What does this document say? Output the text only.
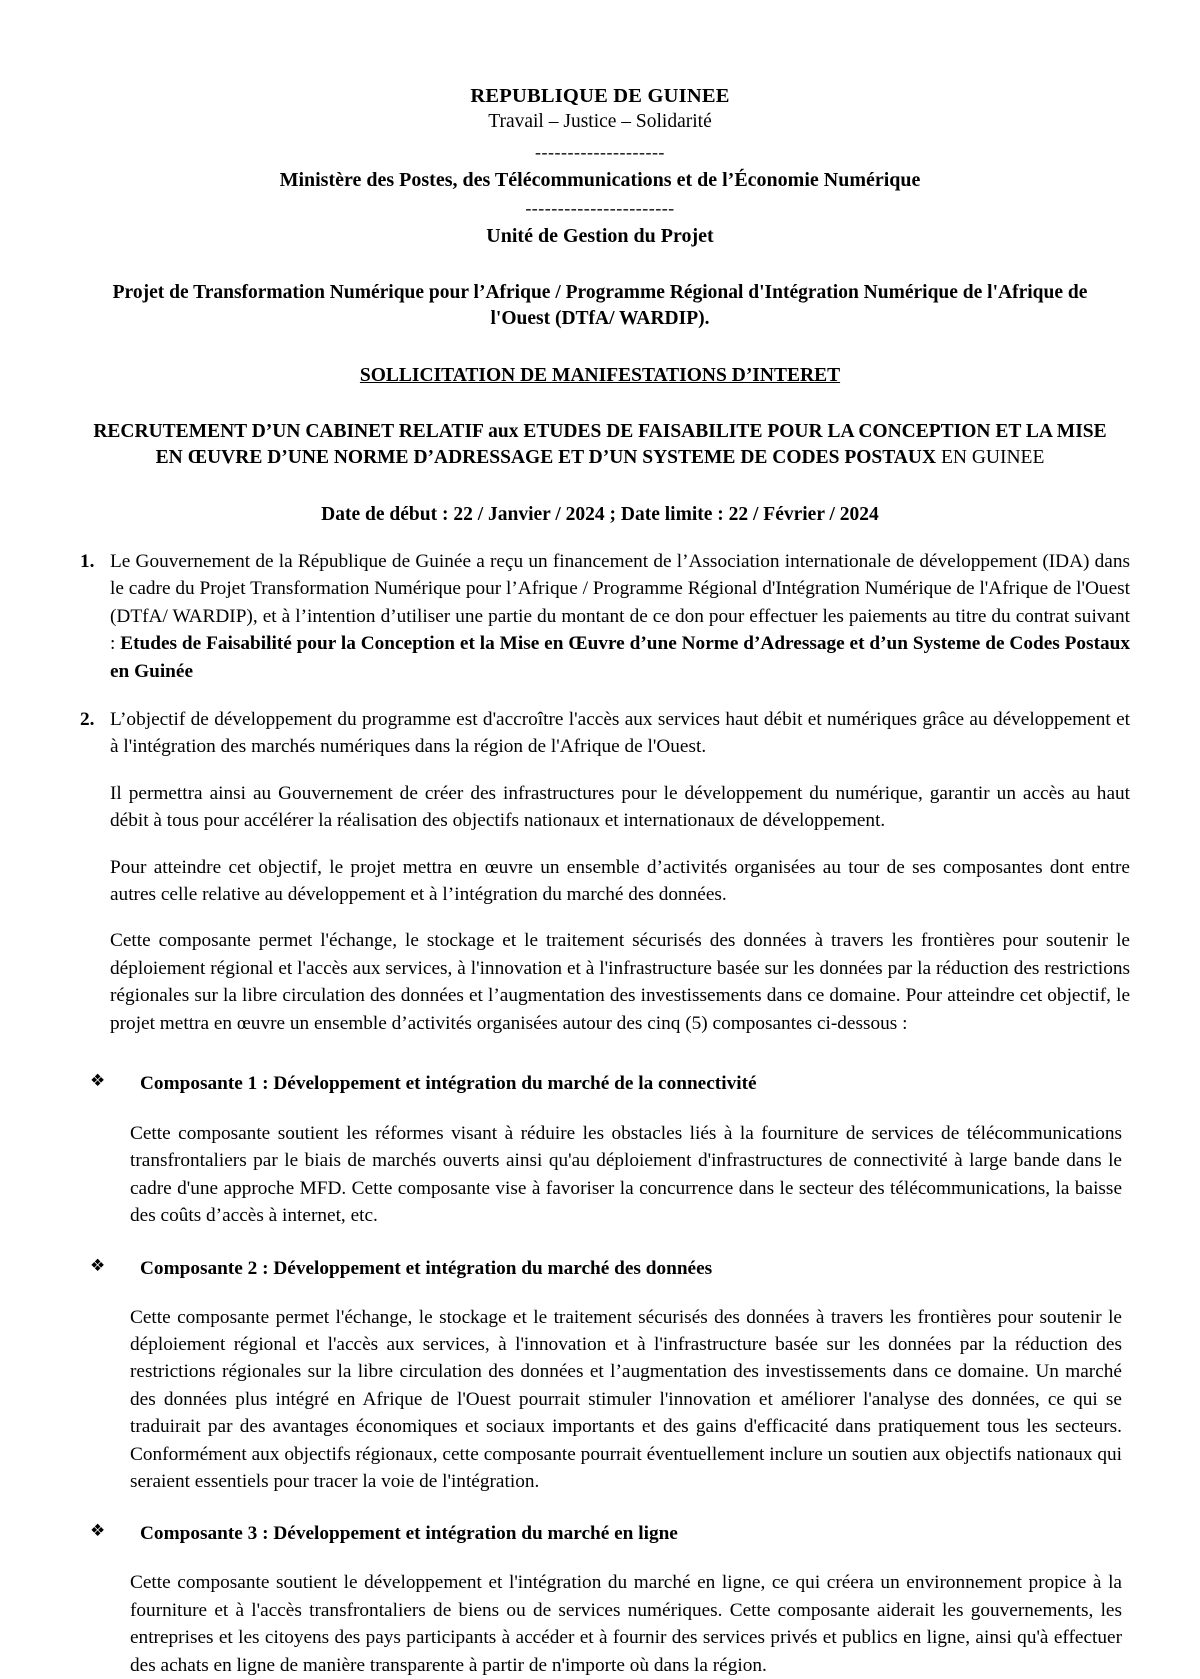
REPUBLIQUE DE GUINEE
Travail – Justice – Solidarité
--------------------
Ministère des Postes, des Télécommunications et de l’Économie Numérique
-----------------------
Unité de Gestion du Projet
Projet de Transformation Numérique pour l’Afrique / Programme Régional d'Intégration Numérique de l'Afrique de l'Ouest (DTfA/ WARDIP).
SOLLICITATION DE MANIFESTATIONS D’INTERET
RECRUTEMENT D’UN CABINET RELATIF aux ETUDES DE FAISABILITE POUR LA CONCEPTION ET LA MISE EN ŒUVRE D’UNE NORME D’ADRESSAGE ET D’UN SYSTEME DE CODES POSTAUX EN GUINEE
Date de début : 22 / Janvier / 2024 ; Date limite : 22 / Février / 2024
1. Le Gouvernement de la République de Guinée a reçu un financement de l’Association internationale de développement (IDA) dans le cadre du Projet Transformation Numérique pour l’Afrique / Programme Régional d'Intégration Numérique de l'Afrique de l'Ouest (DTfA/ WARDIP), et à l’intention d’utiliser une partie du montant de ce don pour effectuer les paiements au titre du contrat suivant : Etudes de Faisabilité pour la Conception et la Mise en Œuvre d’une Norme d’Adressage et d’un Systeme de Codes Postaux en Guinée
2. L’objectif de développement du programme est d'accroître l'accès aux services haut débit et numériques grâce au développement et à l'intégration des marchés numériques dans la région de l'Afrique de l'Ouest.
Il permettra ainsi au Gouvernement de créer des infrastructures pour le développement du numérique, garantir un accès au haut débit à tous pour accélérer la réalisation des objectifs nationaux et internationaux de développement.
Pour atteindre cet objectif, le projet mettra en œuvre un ensemble d’activités organisées au tour de ses composantes dont entre autres celle relative au développement et à l’intégration du marché des données.
Cette composante permet l'échange, le stockage et le traitement sécurisés des données à travers les frontières pour soutenir le déploiement régional et l'accès aux services, à l'innovation et à l'infrastructure basée sur les données par la réduction des restrictions régionales sur la libre circulation des données et l’augmentation des investissements dans ce domaine. Pour atteindre cet objectif, le projet mettra en œuvre un ensemble d’activités organisées autour des cinq (5) composantes ci-dessous :
❖ Composante 1 : Développement et intégration du marché de la connectivité
Cette composante soutient les réformes visant à réduire les obstacles liés à la fourniture de services de télécommunications transfrontaliers par le biais de marchés ouverts ainsi qu'au déploiement d'infrastructures de connectivité à large bande dans le cadre d'une approche MFD. Cette composante vise à favoriser la concurrence dans le secteur des télécommunications, la baisse des coûts d’accès à internet, etc.
❖ Composante 2 : Développement et intégration du marché des données
Cette composante permet l'échange, le stockage et le traitement sécurisés des données à travers les frontières pour soutenir le déploiement régional et l'accès aux services, à l'innovation et à l'infrastructure basée sur les données par la réduction des restrictions régionales sur la libre circulation des données et l’augmentation des investissements dans ce domaine. Un marché des données plus intégré en Afrique de l'Ouest pourrait stimuler l'innovation et améliorer l'analyse des données, ce qui se traduirait par des avantages économiques et sociaux importants et des gains d'efficacité dans pratiquement tous les secteurs. Conformément aux objectifs régionaux, cette composante pourrait éventuellement inclure un soutien aux objectifs nationaux qui seraient essentiels pour tracer la voie de l'intégration.
❖ Composante 3 : Développement et intégration du marché en ligne
Cette composante soutient le développement et l'intégration du marché en ligne, ce qui créera un environnement propice à la fourniture et à l'accès transfrontaliers de biens ou de services numériques. Cette composante aiderait les gouvernements, les entreprises et les citoyens des pays participants à accéder et à fournir des services privés et publics en ligne, ainsi qu'à effectuer des achats en ligne de manière transparente à partir de n'importe où dans la région.
